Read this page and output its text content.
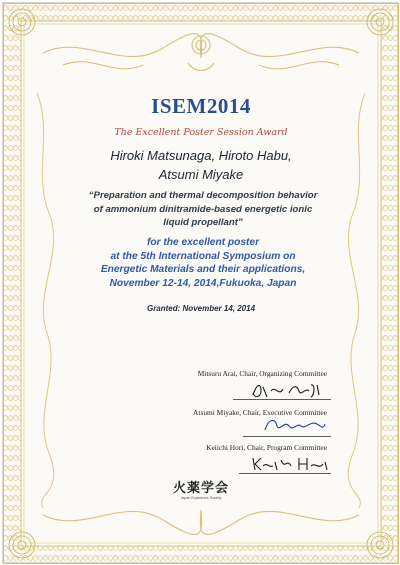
ISEM2014
The Excellent Poster Session Award
Hiroki Matsunaga, Hiroto Habu,
Atsumi Miyake
“Preparation and thermal decomposition behavior
of ammonium dinitramide-based energetic ionic
liquid propellant”
for the excellent poster
at the 5th International Symposium on
Energetic Materials and their applications,
November 12-14, 2014,Fukuoka, Japan
Granted: November 14, 2014
Mitsuru Arai, Chair, Organizing Committee
Atsumi Miyake, Chair, Executive Committee
Keiichi Hori, Chair, Program Committee
火薬学会
Japan Explosives Society
